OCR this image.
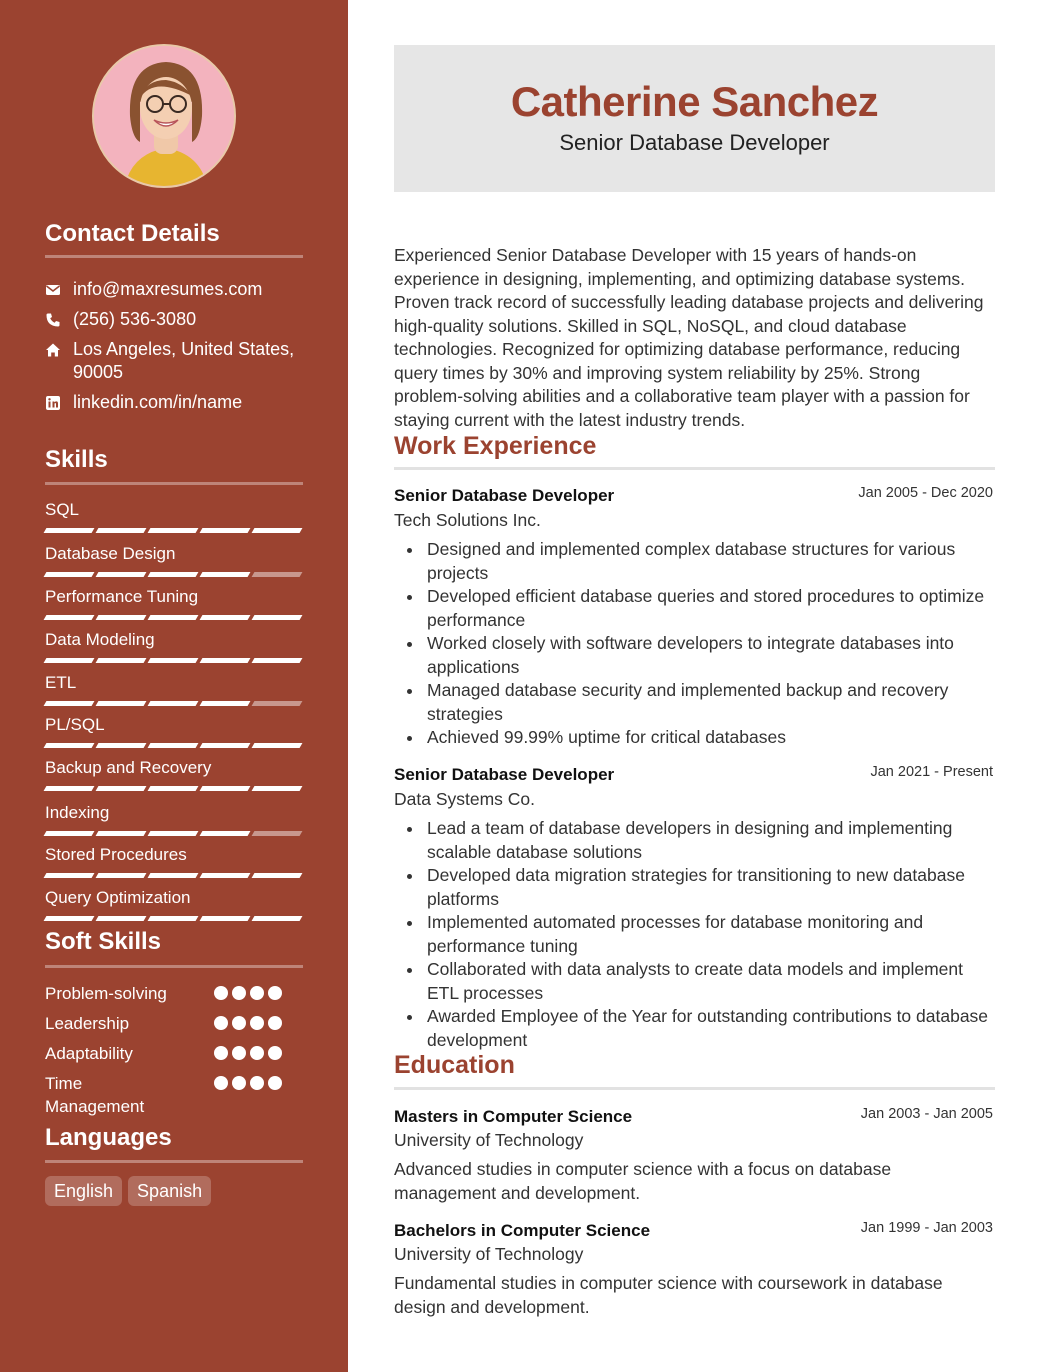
Contact Details
info@maxresumes.com
(256) 536-3080
Los Angeles, United States, 90005
linkedin.com/in/name
Skills
SQL
Database Design
Performance Tuning
Data Modeling
ETL
PL/SQL
Backup and Recovery
Indexing
Stored Procedures
Query Optimization
Soft Skills
Problem-solving
Leadership
Adaptability
Time Management
Languages
English	Spanish
Catherine Sanchez
Senior Database Developer

Experienced Senior Database Developer with 15 years of hands-on experience in designing, implementing, and optimizing database systems. Proven track record of successfully leading database projects and delivering high-quality solutions. Skilled in SQL, NoSQL, and cloud database technologies. Recognized for optimizing database performance, reducing query times by 30% and improving system reliability by 25%. Strong problem-solving abilities and a collaborative team player with a passion for staying current with the latest industry trends.

Work Experience
Senior Database Developer	Jan 2005 - Dec 2020
Tech Solutions Inc.
Designed and implemented complex database structures for various projects
Developed efficient database queries and stored procedures to optimize performance
Worked closely with software developers to integrate databases into applications
Managed database security and implemented backup and recovery strategies
Achieved 99.99% uptime for critical databases
Senior Database Developer	Jan 2021 - Present
Data Systems Co.
Lead a team of database developers in designing and implementing scalable database solutions
Developed data migration strategies for transitioning to new database platforms
Implemented automated processes for database monitoring and performance tuning
Collaborated with data analysts to create data models and implement ETL processes
Awarded Employee of the Year for outstanding contributions to database development
Education
Masters in Computer Science	Jan 2003 - Jan 2005
University of Technology

Advanced studies in computer science with a focus on database management and development.

Bachelors in Computer Science	Jan 1999 - Jan 2003
University of Technology

Fundamental studies in computer science with coursework in database design and development.
